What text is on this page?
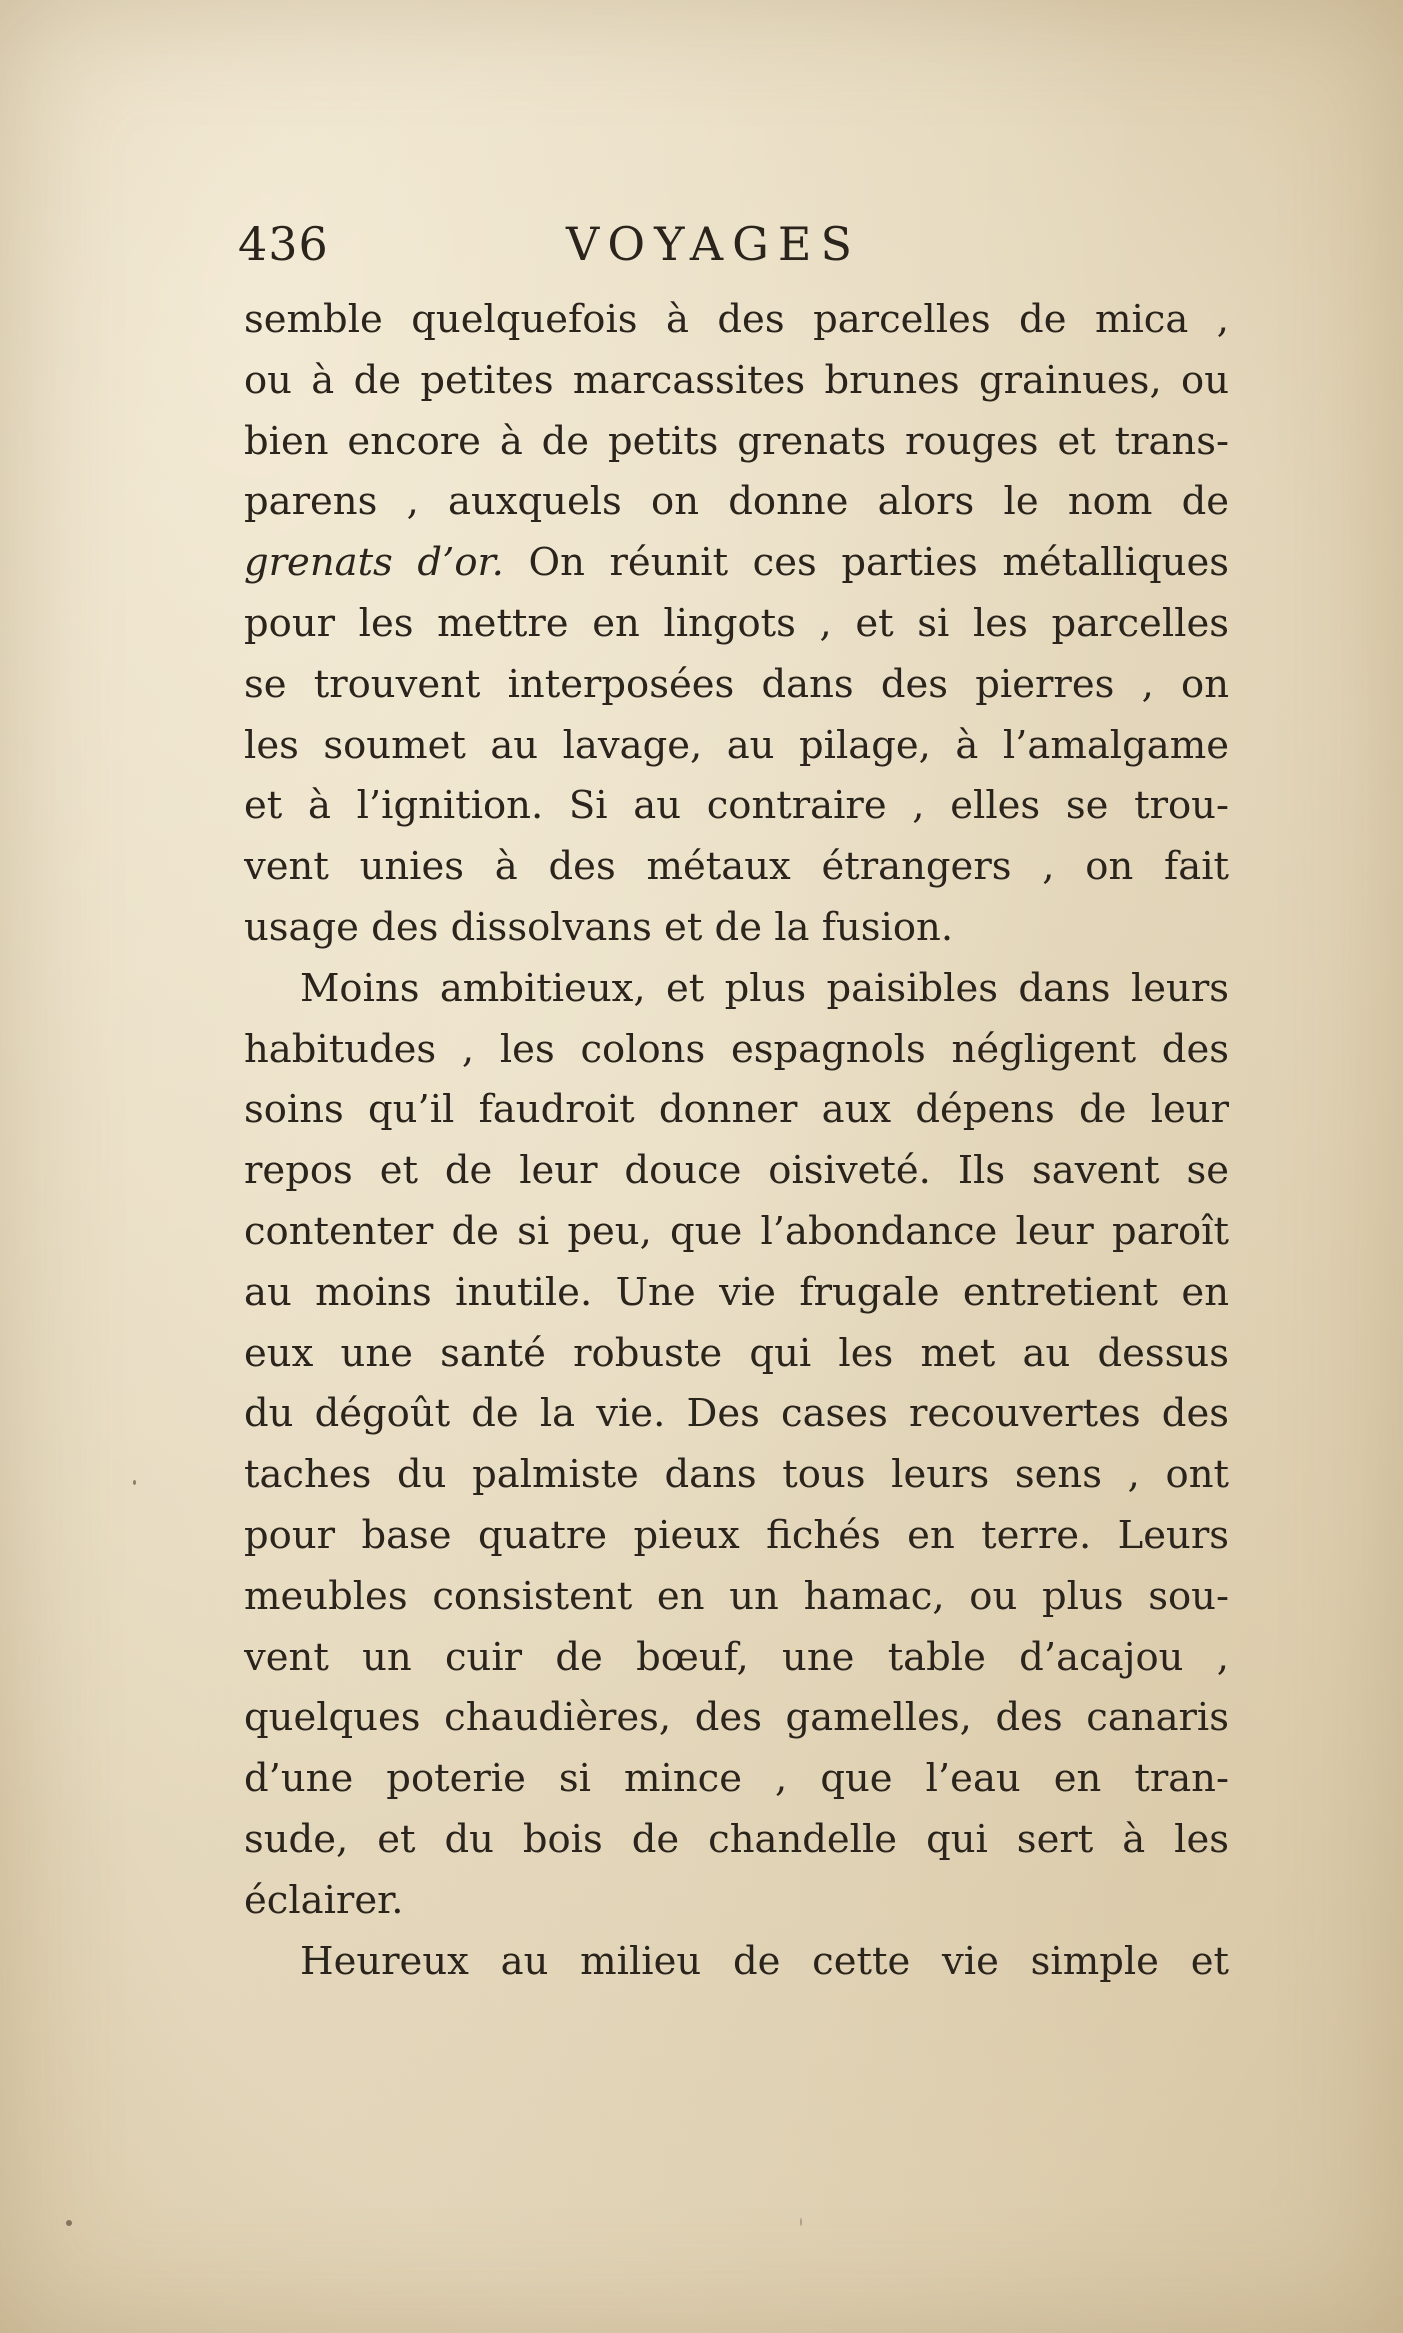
436	VOYAGES
semble quelquefois à des parcelles de mica ,
ou à de petites marcassites brunes grainues, ou
bien encore à de petits grenats rouges et trans-
parens , auxquels on donne alors le nom de
grenats d’or. On réunit ces parties métalliques
pour les mettre en lingots , et si les parcelles
se trouvent interposées dans des pierres , on
les soumet au lavage, au pilage, à l’amalgame
et à l’ignition. Si au contraire , elles se trou-
vent unies à des métaux étrangers , on fait
usage des dissolvans et de la fusion.
Moins ambitieux, et plus paisibles dans leurs
habitudes , les colons espagnols négligent des
soins qu’il faudroit donner aux dépens de leur
repos et de leur douce oisiveté. Ils savent se
contenter de si peu, que l’abondance leur paroît
au moins inutile. Une vie frugale entretient en
eux une santé robuste qui les met au dessus
du dégoût de la vie. Des cases recouvertes des
taches du palmiste dans tous leurs sens , ont
pour base quatre pieux fichés en terre. Leurs
meubles consistent en un hamac, ou plus sou-
vent un cuir de bœuf, une table d’acajou ,
quelques chaudières, des gamelles, des canaris
d’une poterie si mince , que l’eau en tran-
sude, et du bois de chandelle qui sert à les
éclairer.
Heureux au milieu de cette vie simple et
